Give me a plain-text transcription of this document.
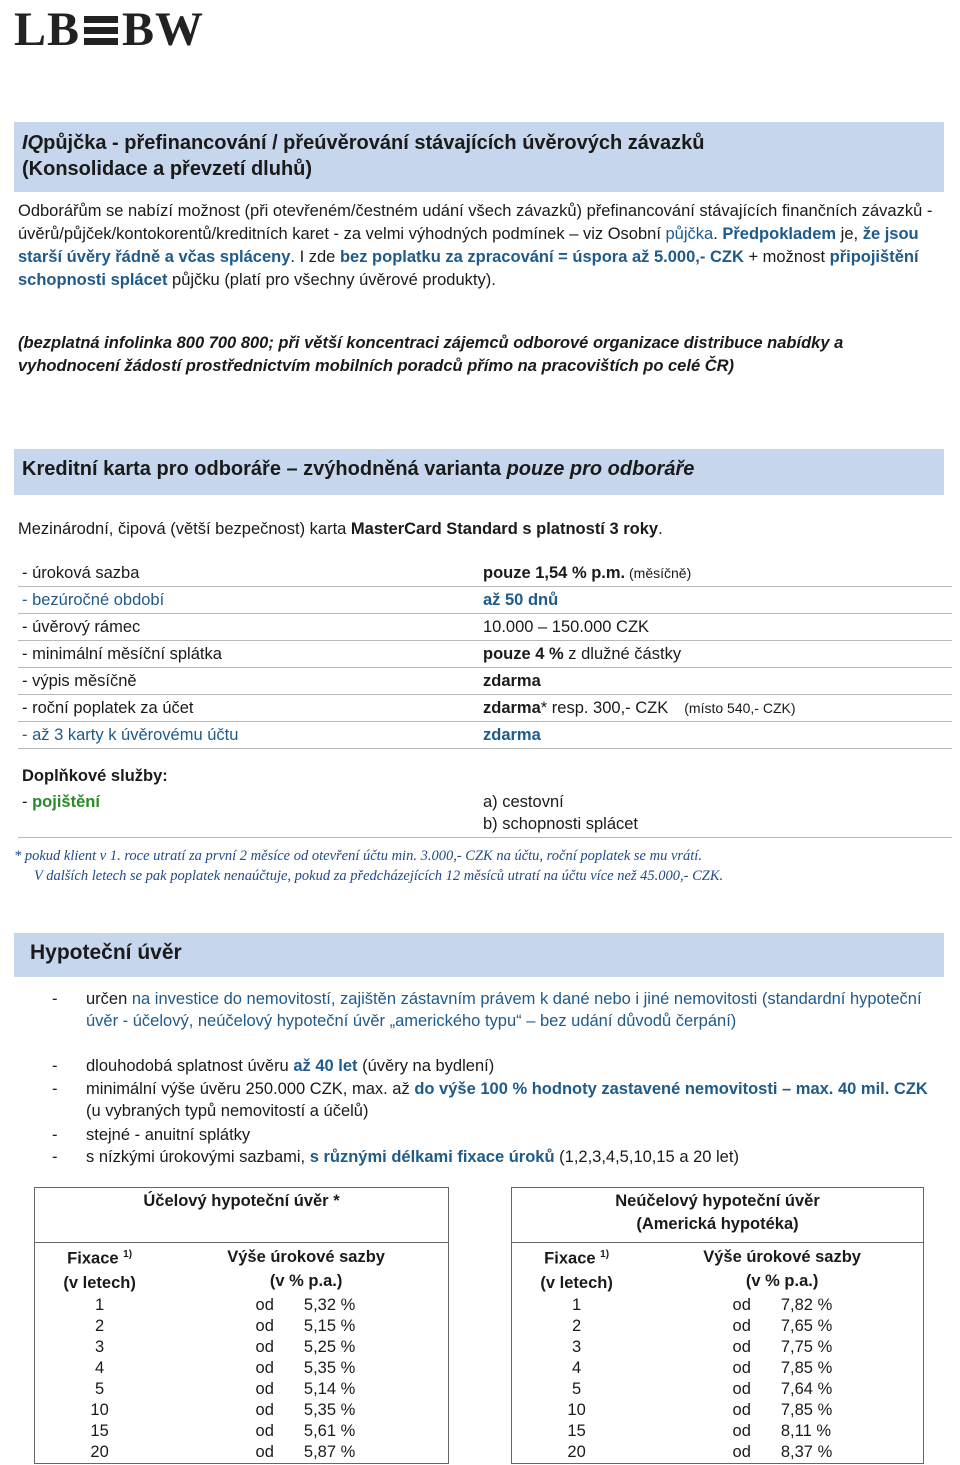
LB BW
IQpůjčka - přefinancování / přeúvěrování stávajících úvěrových závazků
(Konsolidace a převzetí dluhů)
Odborářům se nabízí možnost (při otevřeném/čestném udání všech závazků) přefinancování stávajících finančních závazků - úvěrů/půjček/kontokorentů/kreditních karet - za velmi výhodných podmínek – viz Osobní půjčka. Předpokladem je, že jsou starší úvěry řádně a včas spláceny. I zde bez poplatku za zpracování = úspora až 5.000,- CZK + možnost připojištění schopnosti splácet půjčku (platí pro všechny úvěrové produkty).
(bezplatná infolinka 800 700 800; při větší koncentraci zájemců odborové organizace distribuce nabídky a vyhodnocení žádostí prostřednictvím mobilních poradců přímo na pracovištích po celé ČR)
Kreditní karta pro odboráře – zvýhodněná varianta pouze pro odboráře
Mezinárodní, čipová (větší bezpečnost) karta MasterCard Standard s platností 3 roky.
- úroková sazba	pouze 1,54 % p.m. (měsíčně)
- bezúročné období	až 50 dnů
- úvěrový rámec	10.000 – 150.000 CZK
- minimální měsíční splátka	pouze 4 % z dlužné částky
- výpis měsíčně	zdarma
- roční poplatek za účet	zdarma* resp. 300,- CZK (místo 540,- CZK)
- až 3 karty k úvěrovému účtu	zdarma
Doplňkové služby:
- pojištění	a) cestovní
b) schopnosti splácet
* pokud klient v 1. roce utratí za první 2 měsíce od otevření účtu min. 3.000,- CZK na účtu, roční poplatek se mu vrátí.
V dalších letech se pak poplatek nenaúčtuje, pokud za předcházejících 12 měsíců utratí na účtu více než 45.000,- CZK.
Hypoteční úvěr
- určen na investice do nemovitostí, zajištěn zástavním právem k dané nebo i jiné nemovitosti (standardní hypoteční úvěr - účelový, neúčelový hypoteční úvěr „amerického typu“ – bez udání důvodů čerpání)
- dlouhodobá splatnost úvěru až 40 let (úvěry na bydlení)
- minimální výše úvěru 250.000 CZK, max. až do výše 100 % hodnoty zastavené nemovitosti – max. 40 mil. CZK (u vybraných typů nemovitostí a účelů)
- stejné - anuitní splátky
- s nízkými úrokovými sazbami, s různými délkami fixace úroků (1,2,3,4,5,10,15 a 20 let)
Účelový hypoteční úvěr *		
Fixace $^{1)}$
(v letech)	Výše úrokové sazby
(v % p.a.)	
1	od	5,32 %
2	od	5,15 %
3	od	5,25 %
4	od	5,35 %
5	od	5,14 %
10	od	5,35 %
15	od	5,61 %
20	od	5,87 %
Neúčelový hypoteční úvěr
(Americká hypotéka)		
Fixace $^{1)}$
(v letech)	Výše úrokové sazby
(v % p.a.)	
1	od	7,82 %
2	od	7,65 %
3	od	7,75 %
4	od	7,85 %
5	od	7,64 %
10	od	7,85 %
15	od	8,11 %
20	od	8,37 %
